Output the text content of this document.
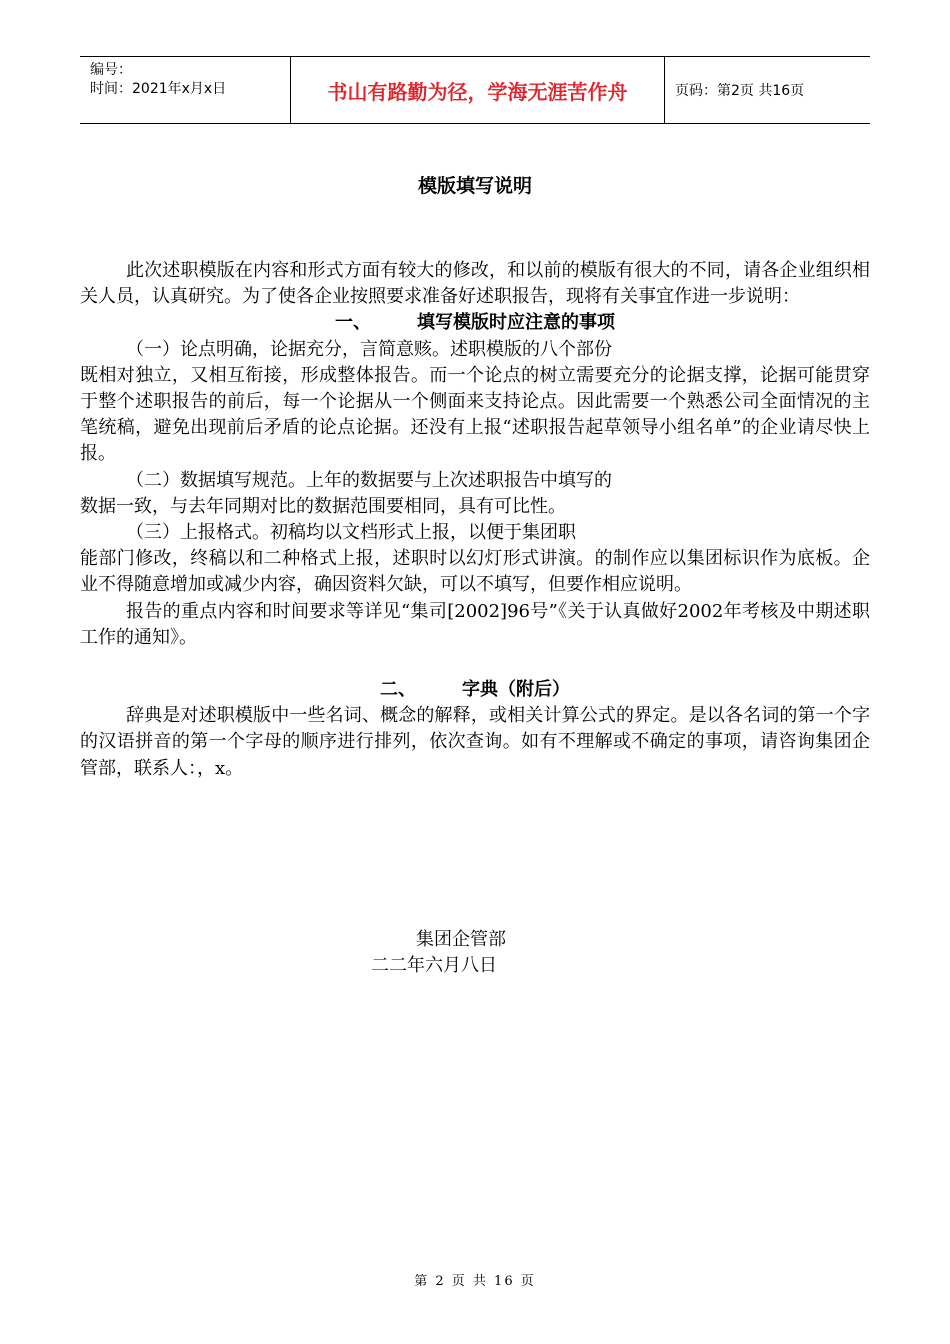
编号：
时间：2021年x月x日	书山有路勤为径，学海无涯苦作舟	页码：第2页 共16页
模版填写说明

此次述职模版在内容和形式方面有较大的修改，和以前的模版有很大的不同，请各企业组织相关人员，认真研究。为了使各企业按照要求准备好述职报告，现将有关事宜作进一步说明：

一、	填写模版时应注意的事项

（一）论点明确，论据充分，言简意赅。述职模版的八个部份

既相对独立，又相互衔接，形成整体报告。而一个论点的树立需要充分的论据支撑，论据可能贯穿于整个述职报告的前后，每一个论据从一个侧面来支持论点。因此需要一个熟悉公司全面情况的主笔统稿，避免出现前后矛盾的论点论据。还没有上报“述职报告起草领导小组名单”的企业请尽快上报。

（二）数据填写规范。上年的数据要与上次述职报告中填写的

数据一致，与去年同期对比的数据范围要相同，具有可比性。

（三）上报格式。初稿均以文档形式上报，以便于集团职

能部门修改，终稿以和二种格式上报，述职时以幻灯形式讲演。的制作应以集团标识作为底板。企业不得随意增加或减少内容，确因资料欠缺，可以不填写，但要作相应说明。

报告的重点内容和时间要求等详见“集司[2002]96号”《关于认真做好2002年考核及中期述职工作的通知》。

二、	字典（附后）

辞典是对述职模版中一些名词、概念的解释，或相关计算公式的界定。是以各名词的第一个字的汉语拼音的第一个字母的顺序进行排列，依次查询。如有不理解或不确定的事项，请咨询集团企管部，联系人：，x。

集团企管部
二二年六月八日
第 2 页 共 16 页
